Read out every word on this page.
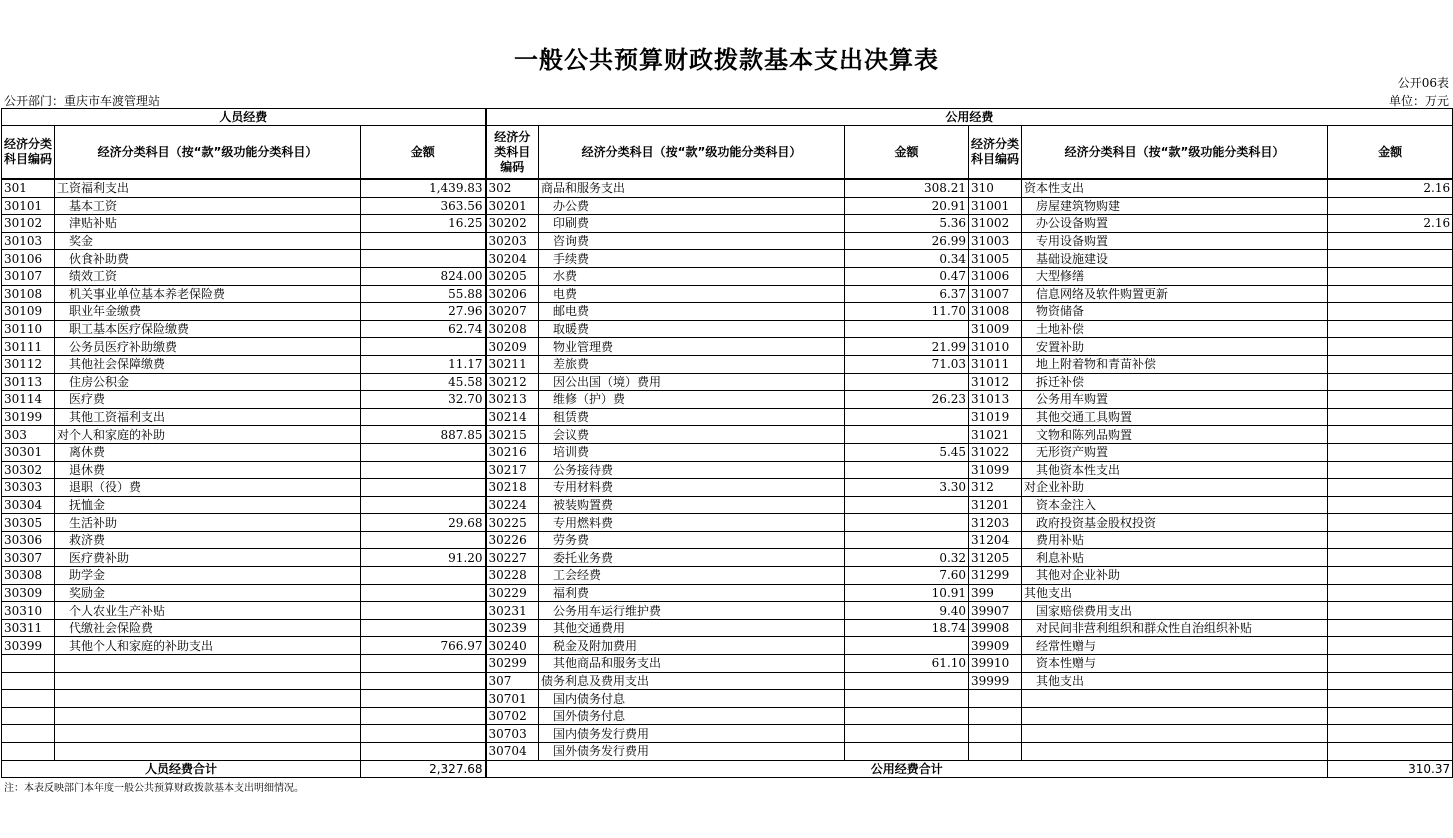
一般公共预算财政拨款基本支出决算表
公开06表
公开部门：重庆市车渡管理站	单位：万元
人员经费			公用经费					
经济分类科目编码	经济分类科目（按“款”级功能分类科目）	金额	经济分类科目编码	经济分类科目（按“款”级功能分类科目）	金额	经济分类科目编码	经济分类科目（按“款”级功能分类科目）	金额
301	工资福利支出	1,439.83	302	商品和服务支出	308.21	310	资本性支出	2.16
30101	基本工资	363.56	30201	办公费	20.91	31001	房屋建筑物购建	
30102	津贴补贴	16.25	30202	印刷费	5.36	31002	办公设备购置	2.16
30103	奖金		30203	咨询费	26.99	31003	专用设备购置	
30106	伙食补助费		30204	手续费	0.34	31005	基础设施建设	
30107	绩效工资	824.00	30205	水费	0.47	31006	大型修缮	
30108	机关事业单位基本养老保险费	55.88	30206	电费	6.37	31007	信息网络及软件购置更新	
30109	职业年金缴费	27.96	30207	邮电费	11.70	31008	物资储备	
30110	职工基本医疗保险缴费	62.74	30208	取暖费		31009	土地补偿	
30111	公务员医疗补助缴费		30209	物业管理费	21.99	31010	安置补助	
30112	其他社会保障缴费	11.17	30211	差旅费	71.03	31011	地上附着物和青苗补偿	
30113	住房公积金	45.58	30212	因公出国（境）费用		31012	拆迁补偿	
30114	医疗费	32.70	30213	维修（护）费	26.23	31013	公务用车购置	
30199	其他工资福利支出		30214	租赁费		31019	其他交通工具购置	
303	对个人和家庭的补助	887.85	30215	会议费		31021	文物和陈列品购置	
30301	离休费		30216	培训费	5.45	31022	无形资产购置	
30302	退休费		30217	公务接待费		31099	其他资本性支出	
30303	退职（役）费		30218	专用材料费	3.30	312	对企业补助	
30304	抚恤金		30224	被装购置费		31201	资本金注入	
30305	生活补助	29.68	30225	专用燃料费		31203	政府投资基金股权投资	
30306	救济费		30226	劳务费		31204	费用补贴	
30307	医疗费补助	91.20	30227	委托业务费	0.32	31205	利息补贴	
30308	助学金		30228	工会经费	7.60	31299	其他对企业补助	
30309	奖励金		30229	福利费	10.91	399	其他支出	
30310	个人农业生产补贴		30231	公务用车运行维护费	9.40	39907	国家赔偿费用支出	
30311	代缴社会保险费		30239	其他交通费用	18.74	39908	对民间非营利组织和群众性自治组织补贴	
30399	其他个人和家庭的补助支出	766.97	30240	税金及附加费用		39909	经常性赠与	
			30299	其他商品和服务支出	61.10	39910	资本性赠与	
			307	债务利息及费用支出		39999	其他支出	
			30701	国内债务付息				
			30702	国外债务付息				
			30703	国内债务发行费用				
			30704	国外债务发行费用				
人员经费合计		2,327.68	公用经费合计					310.37
注：本表反映部门本年度一般公共预算财政拨款基本支出明细情况。
